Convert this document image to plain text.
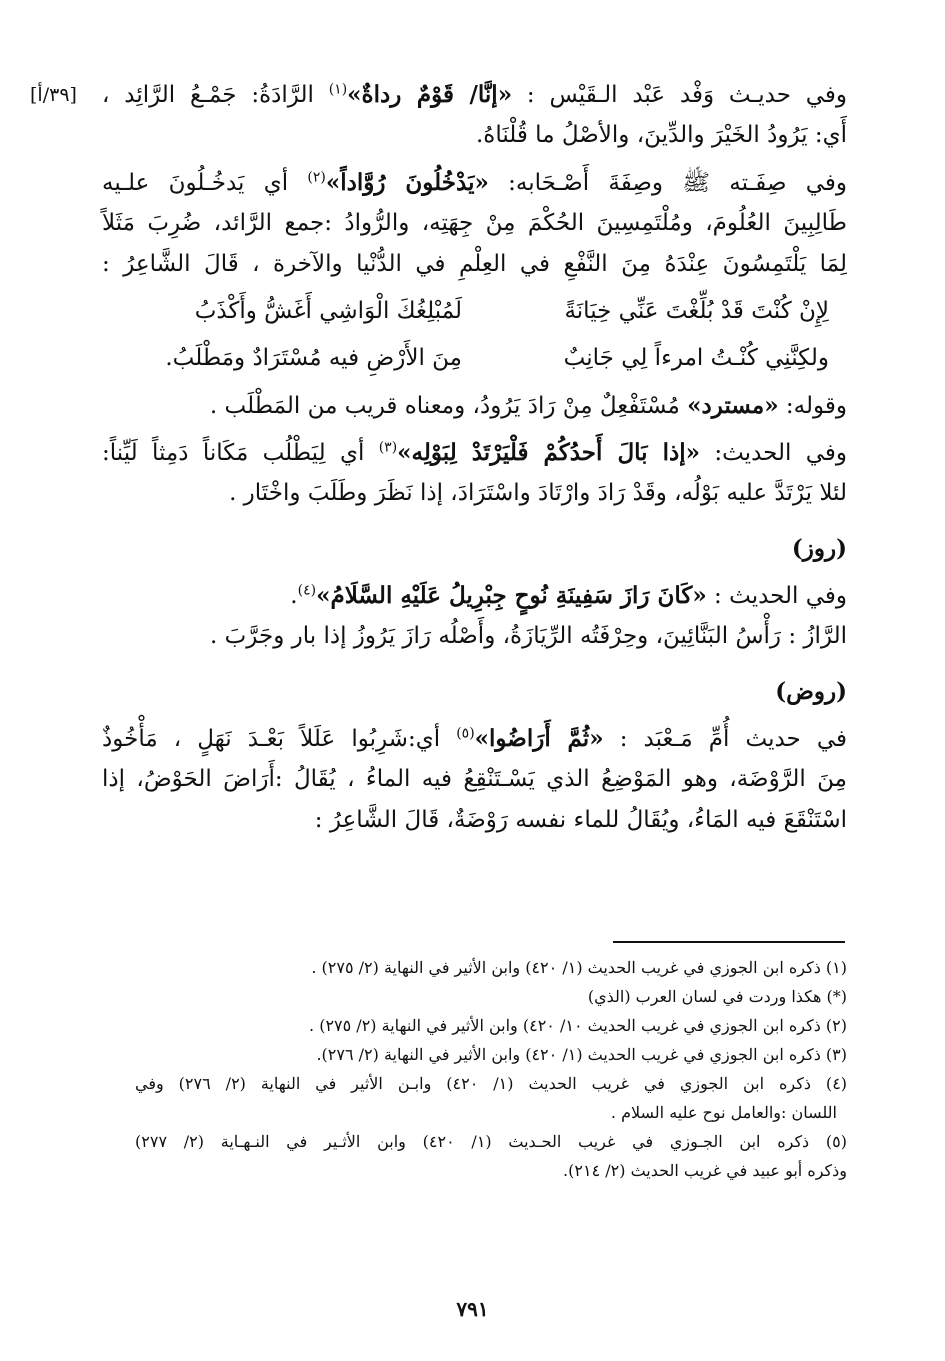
[٣٩/أ]	وفي حديـث وَفْد عَبْد الـقَيْس : «إنَّا/ قَوْمٌ رداةٌ»$^{(١)}$ الرَّادَةُ: جَمْـعُ الرَّائِد ،
أَي: يَرُودُ الخَيْرَ والدِّينَ، والأصْلُ ما قُلْنَاهُ.
وفي صِفَـته ﷺ وصِفَةَ أَصْـحَابه: «يَدْخُلُونَ رُوَّاداً»$^{(٢)}$ أي يَدخُـلُونَ علـيه
طَالِبِينَ العُلُومَ، ومُلْتَمِسِينَ الحُكْمَ مِنْ جِهَتِه، والرُّوادُ :جمع الرَّائد، ضُرِبَ مَثَلاً
لِمَا يَلْتَمِسُونَ عِنْدَهُ مِنَ النَّفْعِ في العِلْمِ في الدُّنْيا والآخرة ، قَالَ الشَّاعِرُ :
لِإِنْ كُنْتَ قَدْ بُلِّغْتَ عَنِّي خِيَانَةً
لَمُبْلِغُكَ الْوَاشِي أَغَشُّ وأَكْذَبُ
ولكِنَّنِي كُنْـتُ امرءاً لِي جَانِبٌ
مِنَ الأَرْضِ فيه مُسْتَرَادٌ ومَطْلَبُ.
وقوله: «مسترد» مُسْتَفْعِلٌ مِنْ رَادَ يَرُودُ، ومعناه قريب من المَطْلَب .
وفي الحديث: «إذا بَالَ أَحدُكُمْ فَلْيَرْتَدْ لِبَوْلِه»$^{(٣)}$ أي لِيَطْلُب مَكَاناً دَمِثاً لَيِّناً:
لئلا يَرْتَدَّ عليه بَوْلُه، وقَدْ رَادَ وارْتَادَ واسْتَرَادَ، إذا نَظَرَ وطَلَبَ واخْتَار .
(روز)
وفي الحديث : «كَانَ رَازَ سَفِينَةِ نُوحٍ جِبْرِيلُ عَلَيْهِ السَّلَامُ»$^{(٤)}$.
الرَّازُ : رَأْسُ البَنَّائِينَ، وحِرْفَتُه الرِّيَازَةُ، وأَصْلُه رَازَ يَرُوزُ إذا بار وجَرَّبَ .
(روض)
في حديث أُمِّ مَـعْبَد : «ثُمَّ أَرَاضُوا»$^{(٥)}$ أي:شَرِبُوا عَلَلاً بَعْـدَ نَهَلٍ ، مَأْخُوذٌ
مِنَ الرَّوْضَة، وهو المَوْضِعُ الذي يَسْـتَنْقِعُ فيه الماءُ ، يُقَالُ :أَرَاضَ الحَوْضُ، إذا
اسْتَنْقَعَ فيه المَاءُ، ويُقَالُ للماء نفسه رَوْضَةٌ، قَالَ الشَّاعِرُ :
(١) ذكره ابن الجوزي في غريب الحديث (١/ ٤٢٠) وابن الأثير في النهاية (٢/ ٢٧٥) .
(*) هكذا وردت في لسان العرب (الذي)
(٢) ذكره ابن الجوزي في غريب الحديث ١٠/ ٤٢٠) وابن الأثير في النهاية (٢/ ٢٧٥) .
(٣) ذكره ابن الجوزي في غريب الحديث (١/ ٤٢٠) وابن الأثير في النهاية (٢/ ٢٧٦).
(٤) ذكره ابن الجوزي في غريب الحديث (١/ ٤٢٠) وابـن الأثير في النهاية (٢/ ٢٧٦) وفي
اللسان :والعامل نوح عليه السلام .
(٥) ذكره ابن الجـوزي في غريب الحـديث (١/ ٤٢٠) وابن الأثـير في النـهـاية (٢/ ٢٧٧)
وذكره أبو عبيد في غريب الحديث (٢/ ٢١٤).
٧٩١
